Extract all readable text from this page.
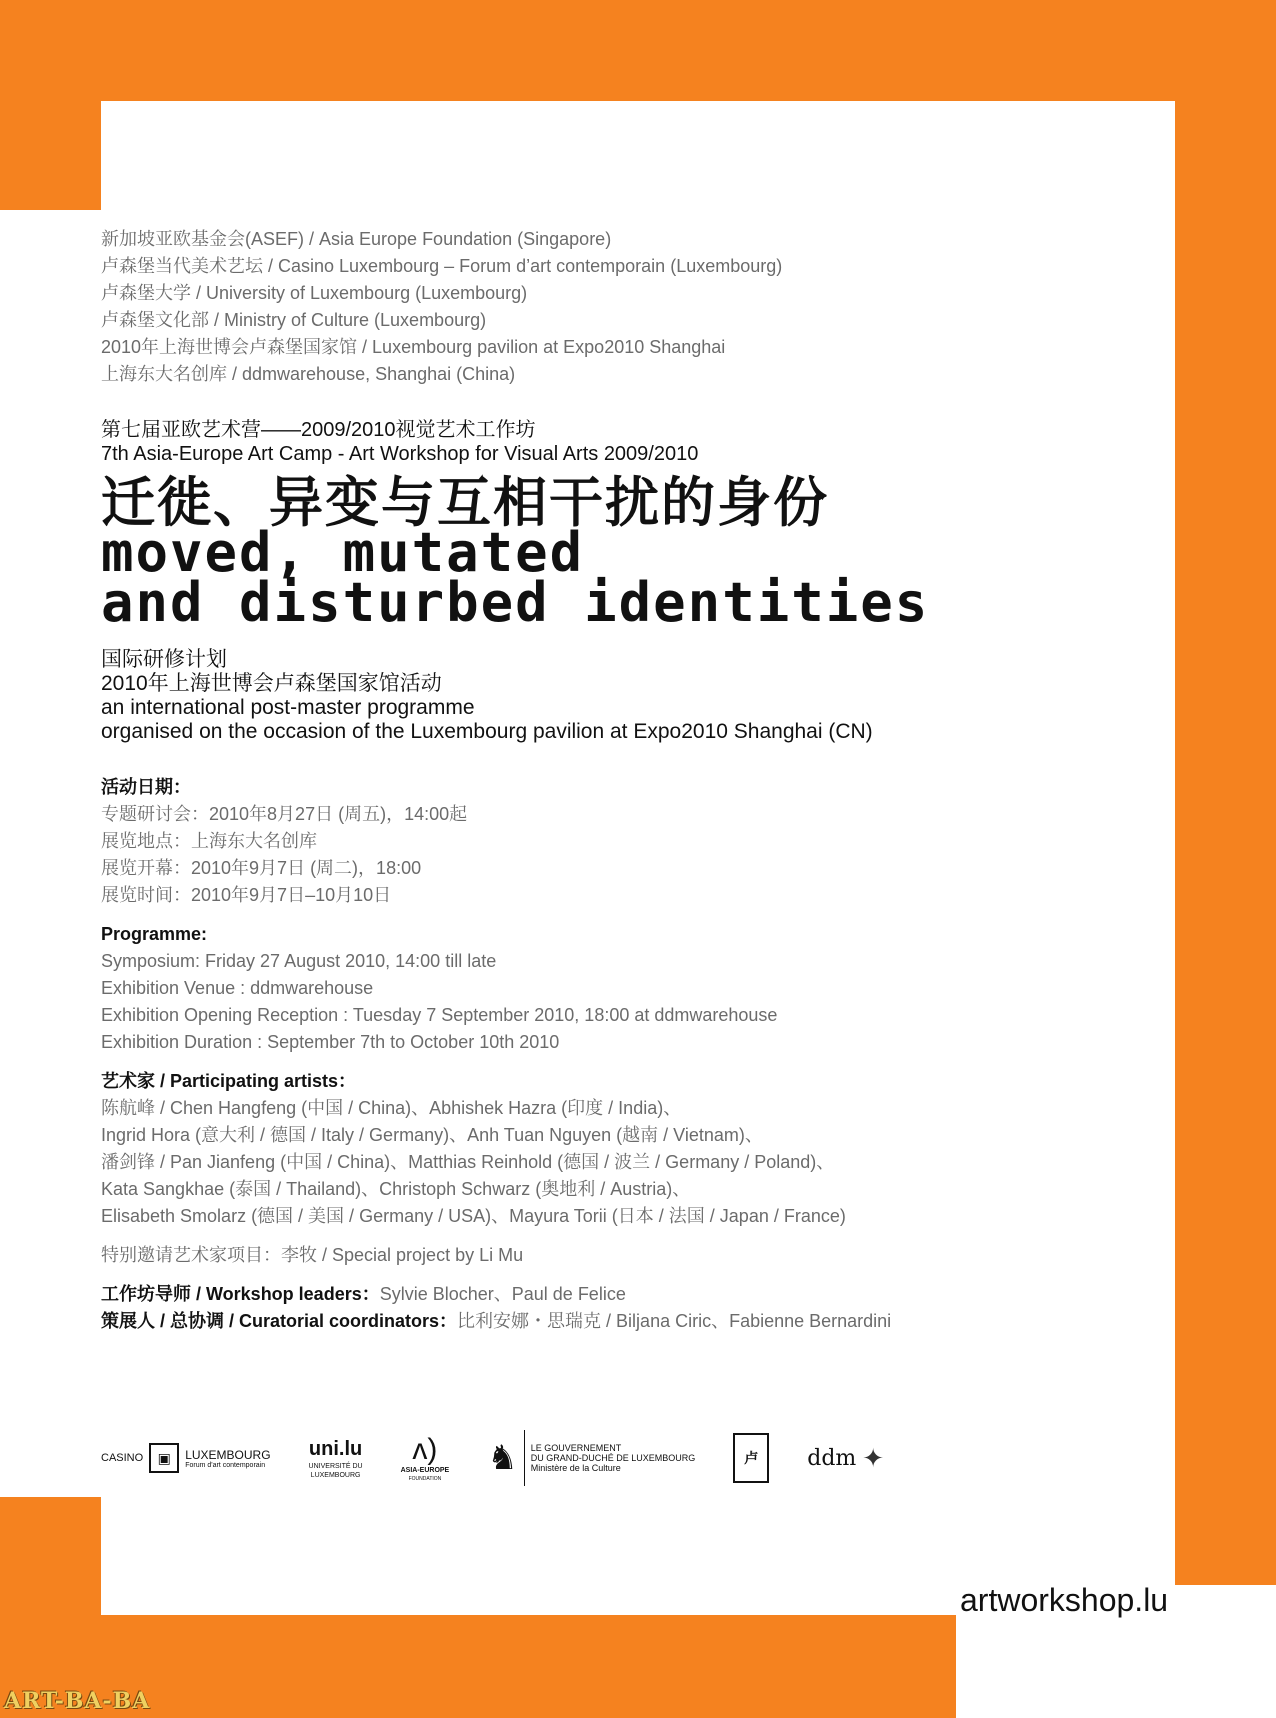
新加坡亚欧基金会(ASEF) / Asia Europe Foundation (Singapore)
卢森堡当代美术艺坛 / Casino Luxembourg – Forum d’art contemporain (Luxembourg)
卢森堡大学 / University of Luxembourg (Luxembourg)
卢森堡文化部 / Ministry of Culture (Luxembourg)
2010年上海世博会卢森堡国家馆 / Luxembourg pavilion at Expo2010 Shanghai
上海东大名创库 / ddmwarehouse, Shanghai (China)
第七届亚欧艺术营——2009/2010视觉艺术工作坊
7th Asia-Europe Art Camp - Art Workshop for Visual Arts 2009/2010
迁徙、异变与互相干扰的身份
moved, mutated
and disturbed identities
国际研修计划
2010年上海世博会卢森堡国家馆活动
an international post-master programme
organised on the occasion of the Luxembourg pavilion at Expo2010 Shanghai (CN)
活动日期：
专题研讨会：2010年8月27日 (周五)，14:00起
展览地点：上海东大名创库
展览开幕：2010年9月7日 (周二)，18:00
展览时间：2010年9月7日–10月10日
Programme:
Symposium: Friday 27 August 2010, 14:00 till late
Exhibition Venue : ddmwarehouse
Exhibition Opening Reception : Tuesday 7 September 2010, 18:00 at ddmwarehouse
Exhibition Duration : September 7th to October 10th 2010
艺术家 / Participating artists：
陈航峰 / Chen Hangfeng (中国 / China)、Abhishek Hazra (印度 / India)、
Ingrid Hora (意大利 / 德国 / Italy / Germany)、Anh Tuan Nguyen (越南 / Vietnam)、
潘剑锋 / Pan Jianfeng (中国 / China)、Matthias Reinhold (德国 / 波兰 / Germany / Poland)、
Kata Sangkhae (泰国 / Thailand)、Christoph Schwarz (奥地利 / Austria)、
Elisabeth Smolarz (德国 / 美国 / Germany / USA)、Mayura Torii (日本 / 法国 / Japan / France)
特别邀请艺术家项目：李牧 / Special project by Li Mu
工作坊导师 / Workshop leaders：Sylvie Blocher、Paul de Felice
策展人 / 总协调 / Curatorial coordinators：比利安娜・思瑞克 / Biljana Ciric、Fabienne Bernardini
CASINO	▣	LUXEMBOURG
Forum d'art contemporain
uni.lu
UNIVERSITÉ DU
LUXEMBOURG
ʌ)
ASIA-EUROPE
FOUNDATION
♞ LE GOUVERNEMENT
DU GRAND-DUCHÉ DE LUXEMBOURG
Ministère de la Culture
卢	ddm ✦
artworkshop.lu
ART-BA-BA
